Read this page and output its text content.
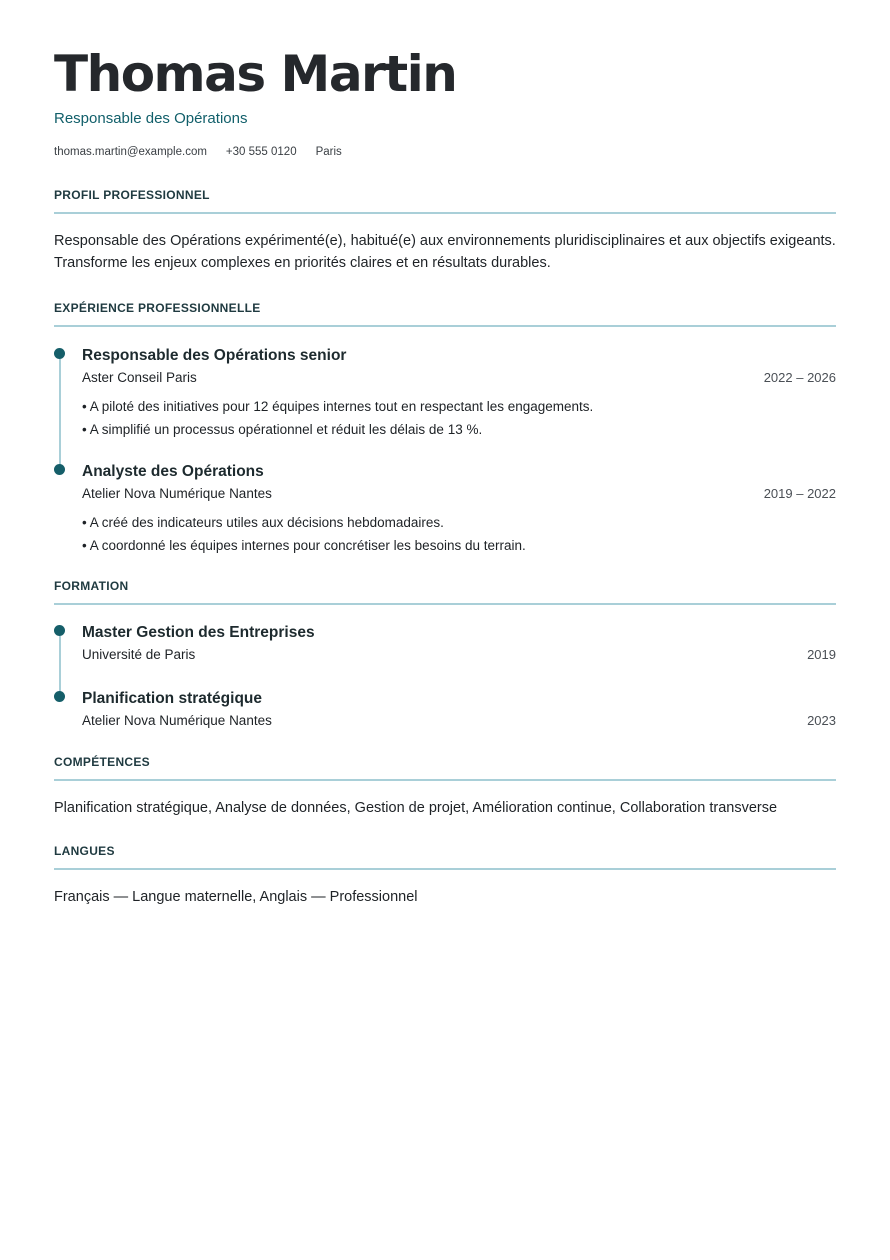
Thomas Martin
Responsable des Opérations
thomas.martin@example.com +30 555 0120 Paris
PROFIL PROFESSIONNEL
Responsable des Opérations expérimenté(e), habitué(e) aux environnements pluridisciplinaires et aux objectifs exigeants. Transforme les enjeux complexes en priorités claires et en résultats durables.
EXPÉRIENCE PROFESSIONNELLE
Responsable des Opérations senior
Aster Conseil Paris	2022 – 2026
• A piloté des initiatives pour 12 équipes internes tout en respectant les engagements.
• A simplifié un processus opérationnel et réduit les délais de 13 %.
Analyste des Opérations
Atelier Nova Numérique Nantes	2019 – 2022
• A créé des indicateurs utiles aux décisions hebdomadaires.
• A coordonné les équipes internes pour concrétiser les besoins du terrain.
FORMATION
Master Gestion des Entreprises
Université de Paris	2019
Planification stratégique
Atelier Nova Numérique Nantes	2023
COMPÉTENCES
Planification stratégique, Analyse de données, Gestion de projet, Amélioration continue, Collaboration transverse
LANGUES
Français — Langue maternelle, Anglais — Professionnel
